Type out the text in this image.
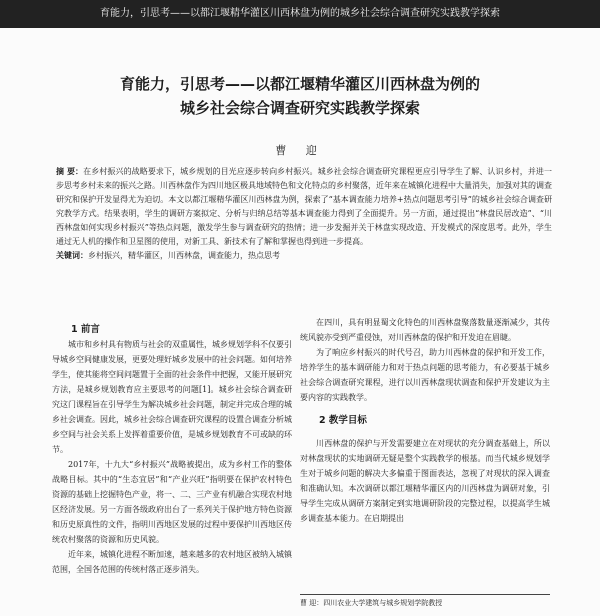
育能力，引思考——以都江堰精华灌区川西林盘为例的城乡社会综合调查研究实践教学探索
育能力，引思考——以都江堰精华灌区川西林盘为例的
城乡社会综合调查研究实践教学探索
曹 迎
摘 要：在乡村振兴的战略要求下，城乡规划的目光应逐步转向乡村振兴。城乡社会综合调查研究课程更应引导学生了解、认识乡村，并进一步思考乡村未来的振兴之路。川西林盘作为四川地区极具地域特色和文化特点的乡村聚落，近年来在城镇化进程中大量消失，加强对其的调查研究和保护开发显得尤为迫切。本文以都江堰精华灌区川西林盘为例，探索了“基本调查能力培养+热点问题思考引导”的城乡社会综合调查研究教学方式。结果表明，学生的调研方案拟定、分析与归纳总结等基本调查能力得到了全面提升。另一方面，通过提出“林盘民居改造”、“川西林盘如何实现乡村振兴”等热点问题，激发学生参与调查研究的热情；进一步发掘并关于林盘实现改造、开发模式的深度思考。此外，学生通过无人机的操作和卫星图的使用，对新工具、新技术有了解和掌握也得到进一步提高。
关键词：乡村振兴，精华灌区，川西林盘，调查能力，热点思考

1 前言

城市和乡村具有物质与社会的双重属性，城乡规划学科不仅要引导城乡空间健康发展，更要处理好城乡发展中的社会问题。如何培养学生，使其能将空间问题置于全面的社会条件中把握，又能开展研究方法，是城乡规划教育应主要思考的问题[1]。城乡社会综合调查研究这门课程旨在引导学生为解决城乡社会问题，制定并完成合理的城乡社会调查。因此，城乡社会综合调查研究课程的设置合调查分析城乡空间与社会关系上发挥着重要价值，是城乡规划教育不可或缺的环节。

2017年，十九大“乡村振兴”战略被提出，成为乡村工作的整体战略目标。其中的“生态宜居”和“产业兴旺”指明要在保护农村特色资源的基础上挖掘特色产业，将一、二、三产业有机融合实现农村地区经济发展。另一方面各级政府出台了一系列关于保护地方特色资源和历史原真性的文件，指明川西地区发展的过程中要保护川西地区传统农村聚落的资源和历史风貌。

近年来，城镇化进程不断加速，越来越多的农村地区被纳入城镇范围，全国各范围的传统村落正逐步消失。

在四川，具有明显蜀文化特色的川西林盘聚落数量逐渐减少，其传统风貌亦受到严重侵蚀，对川西林盘的保护和开发迫在眉睫。

为了响应乡村振兴的时代号召，助力川西林盘的保护和开发工作，培养学生的基本调研能力和对于热点问题的思考能力，有必要基于城乡社会综合调查研究课程，进行以川西林盘现状调查和保护开发建议为主要内容的实践教学。

2 教学目标

川西林盘的保护与开发需要建立在对现状的充分调查基础上，所以对林盘现状的实地调研无疑是整个实践教学的根基。而当代城乡规划学生对于城乡问题的解决大多偏重于图面表达，忽视了对现状的深入调查和准确认知。本次调研以都江堰精华灌区内的川西林盘为调研对象，引导学生完成从调研方案制定到实地调研阶段的完整过程，以提高学生城乡调查基本能力。在启期提出

曹 迎：四川农业大学建筑与城乡规划学院教授
